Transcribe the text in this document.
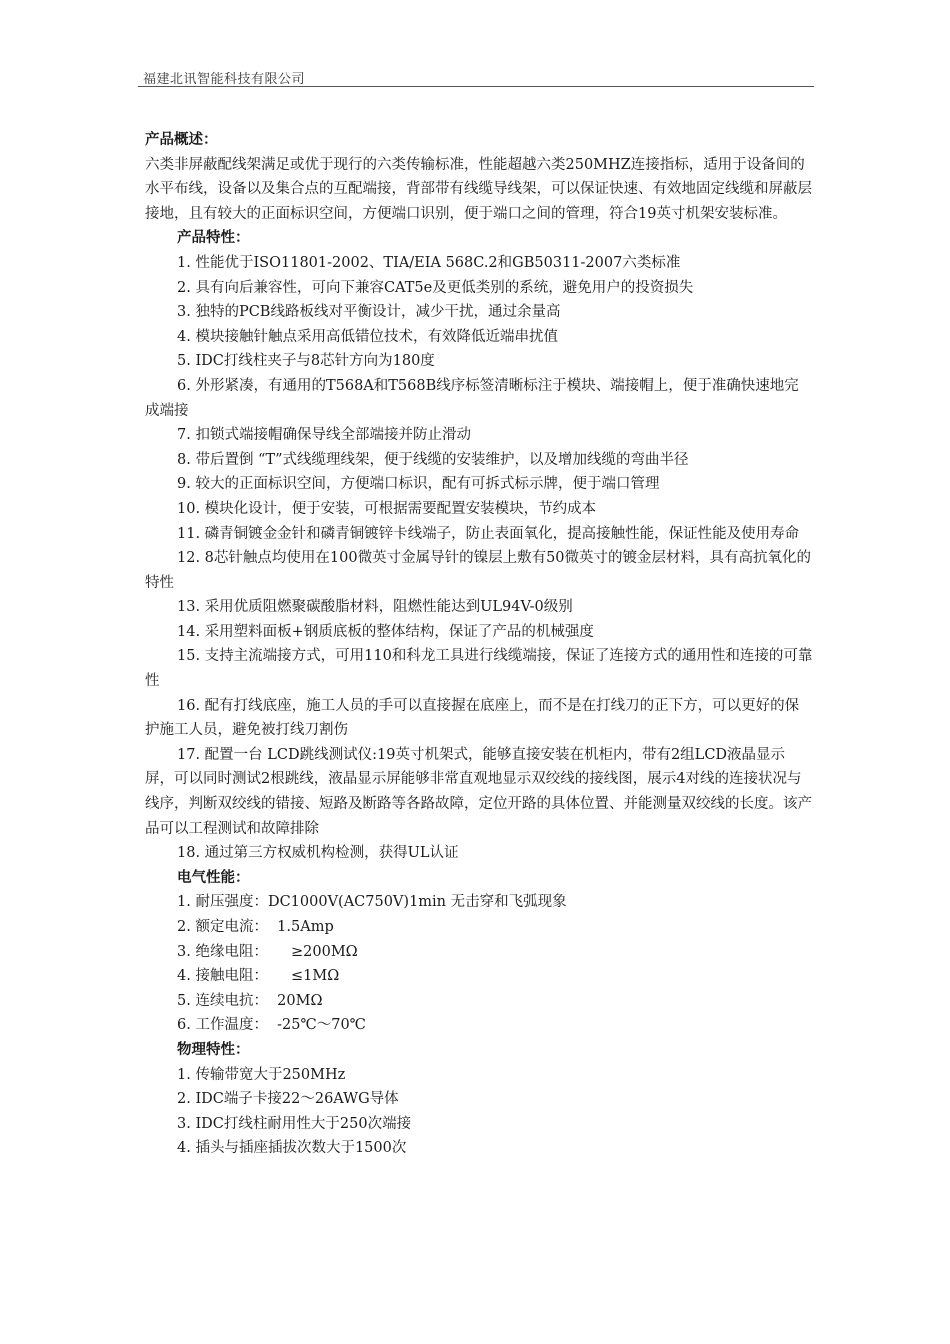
福建北讯智能科技有限公司

产品概述：

六类非屏蔽配线架满足或优于现行的六类传输标准，性能超越六类250MHZ连接指标，适用于设备间的水平布线，设备以及集合点的互配端接，背部带有线缆导线架，可以保证快速、有效地固定线缆和屏蔽层接地，且有较大的正面标识空间，方便端口识别，便于端口之间的管理，符合19英寸机架安装标准。

产品特性：

1. 性能优于ISO11801-2002、TIA/EIA 568C.2和GB50311-2007六类标准

2. 具有向后兼容性，可向下兼容CAT5e及更低类别的系统，避免用户的投资损失

3. 独特的PCB线路板线对平衡设计，减少干扰，通过余量高

4. 模块接触针触点采用高低错位技术，有效降低近端串扰值

5. IDC打线柱夹子与8芯针方向为180度

6. 外形紧凑，有通用的T568A和T568B线序标签清晰标注于模块、端接帽上，便于准确快速地完成端接

7. 扣锁式端接帽确保导线全部端接并防止滑动

8. 带后置倒 “T”式线缆理线架，便于线缆的安装维护，以及增加线缆的弯曲半径

9. 较大的正面标识空间，方便端口标识，配有可拆式标示牌，便于端口管理

10. 模块化设计，便于安装，可根据需要配置安装模块，节约成本

11. 磷青铜镀金金针和磷青铜镀锌卡线端子，防止表面氧化，提高接触性能，保证性能及使用寿命

12. 8芯针触点均使用在100微英寸金属导针的镍层上敷有50微英寸的镀金层材料，具有高抗氧化的特性

13. 采用优质阻燃聚碳酸脂材料，阻燃性能达到UL94V-0级别

14. 采用塑料面板+钢质底板的整体结构，保证了产品的机械强度

15. 支持主流端接方式，可用110和科龙工具进行线缆端接，保证了连接方式的通用性和连接的可靠性

16. 配有打线底座，施工人员的手可以直接握在底座上，而不是在打线刀的正下方，可以更好的保护施工人员，避免被打线刀割伤

17. 配置一台 LCD跳线测试仪:19英寸机架式，能够直接安装在机柜内，带有2组LCD液晶显示屏，可以同时测试2根跳线，液晶显示屏能够非常直观地显示双绞线的接线图，展示4对线的连接状况与线序，判断双绞线的错接、短路及断路等各路故障，定位开路的具体位置、并能测量双绞线的长度。该产品可以工程测试和故障排除

18. 通过第三方权威机构检测，获得UL认证

电气性能：

1. 耐压强度：DC1000V(AC750V)1min 无击穿和飞弧现象

2. 额定电流：  1.5Amp

3. 绝缘电阻：     ≥200MΩ

4. 接触电阻：     ≤1MΩ

5. 连续电抗：  20MΩ

6. 工作温度：  -25℃～70℃

物理特性：

1. 传输带宽大于250MHz

2. IDC端子卡接22～26AWG导体

3. IDC打线柱耐用性大于250次端接

4. 插头与插座插拔次数大于1500次
